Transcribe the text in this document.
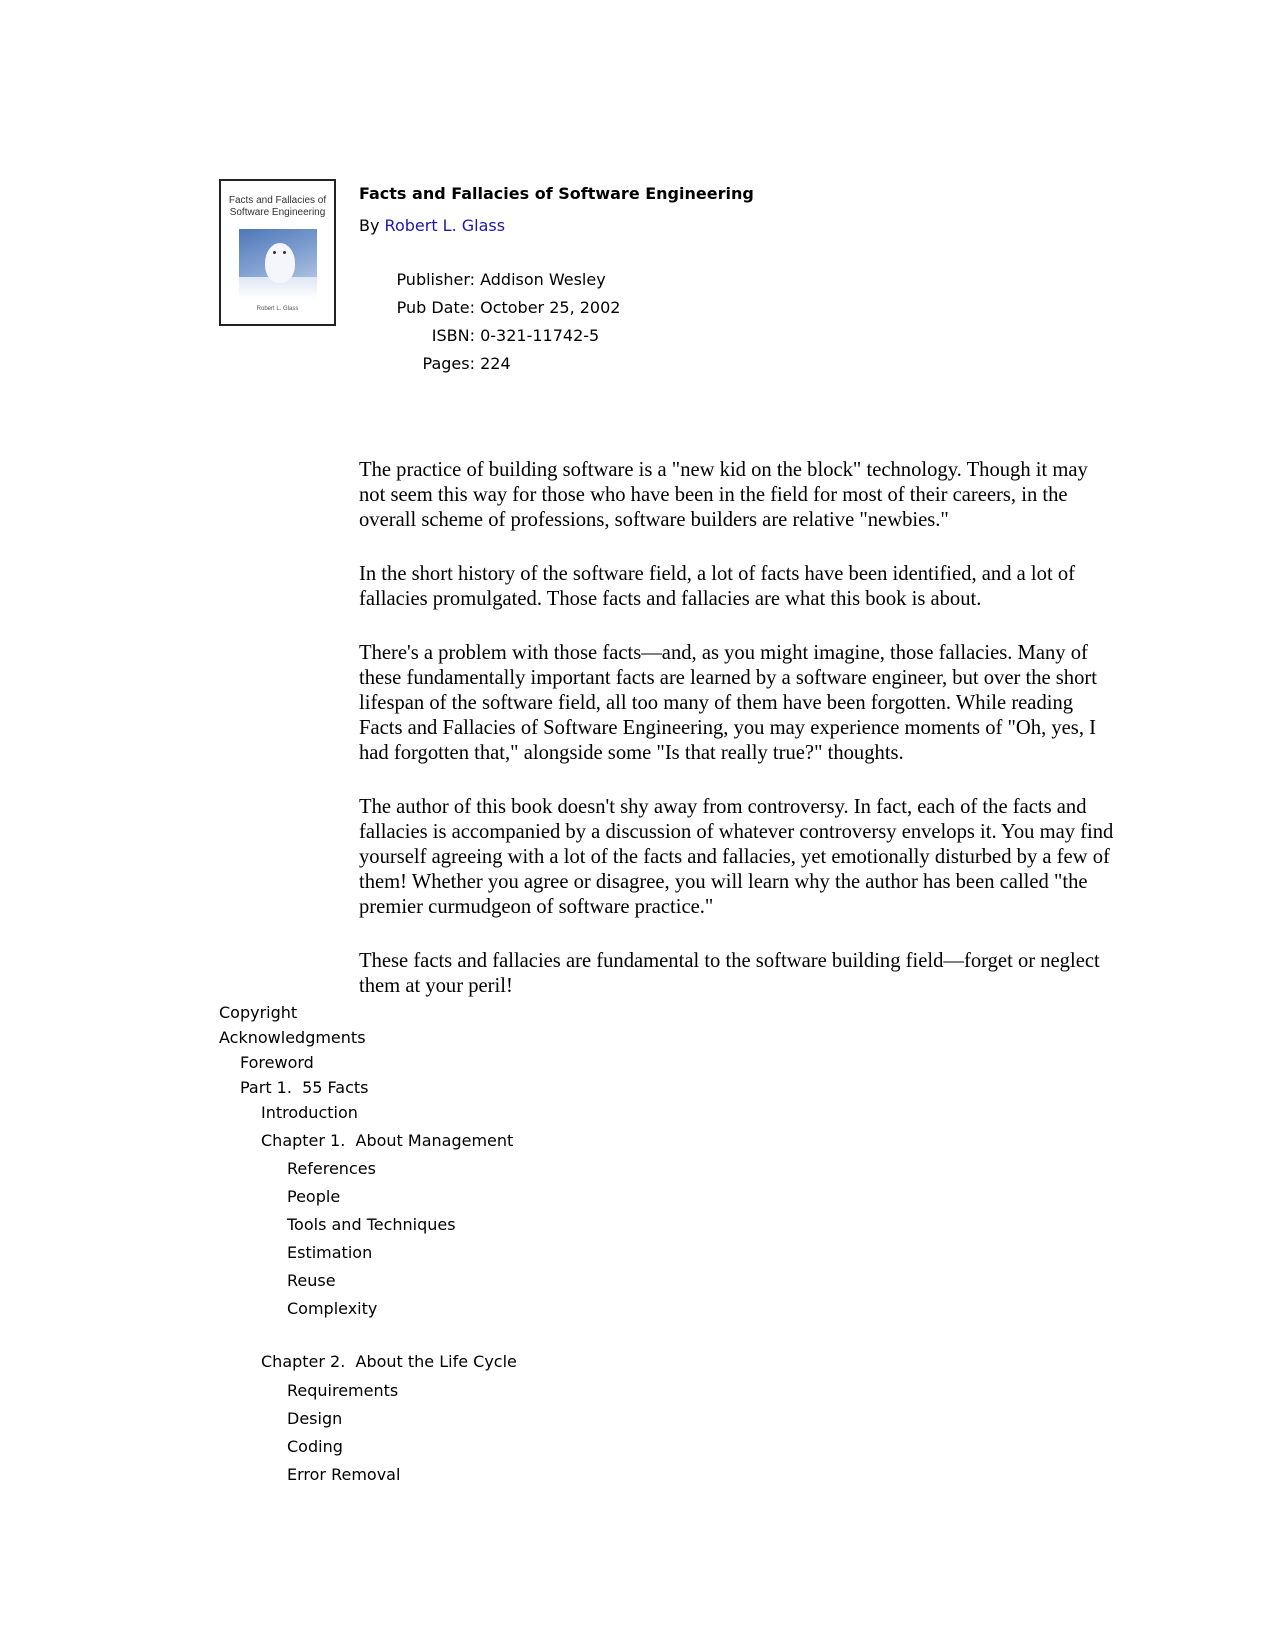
Facts and Fallacies of
Software Engineering
Robert L. Glass
Facts and Fallacies of Software Engineering
By Robert L. Glass
Publisher: Addison Wesley
Pub Date: October 25, 2002
ISBN: 0-321-11742-5
Pages: 224

The practice of building software is a "new kid on the block" technology. Though it may not seem this way for those who have been in the field for most of their careers, in the overall scheme of professions, software builders are relative "newbies."

In the short history of the software field, a lot of facts have been identified, and a lot of fallacies promulgated. Those facts and fallacies are what this book is about.

There's a problem with those facts—and, as you might imagine, those fallacies. Many of these fundamentally important facts are learned by a software engineer, but over the short lifespan of the software field, all too many of them have been forgotten. While reading Facts and Fallacies of Software Engineering, you may experience moments of "Oh, yes, I had forgotten that," alongside some "Is that really true?" thoughts.

The author of this book doesn't shy away from controversy. In fact, each of the facts and fallacies is accompanied by a discussion of whatever controversy envelops it. You may find yourself agreeing with a lot of the facts and fallacies, yet emotionally disturbed by a few of them! Whether you agree or disagree, you will learn why the author has been called "the premier curmudgeon of software practice."

These facts and fallacies are fundamental to the software building field—forget or neglect them at your peril!

Copyright
Acknowledgments
Foreword
Part 1.  55 Facts
Introduction
Chapter 1.  About Management
References
People
Tools and Techniques
Estimation
Reuse
Complexity
Chapter 2.  About the Life Cycle
Requirements
Design
Coding
Error Removal
